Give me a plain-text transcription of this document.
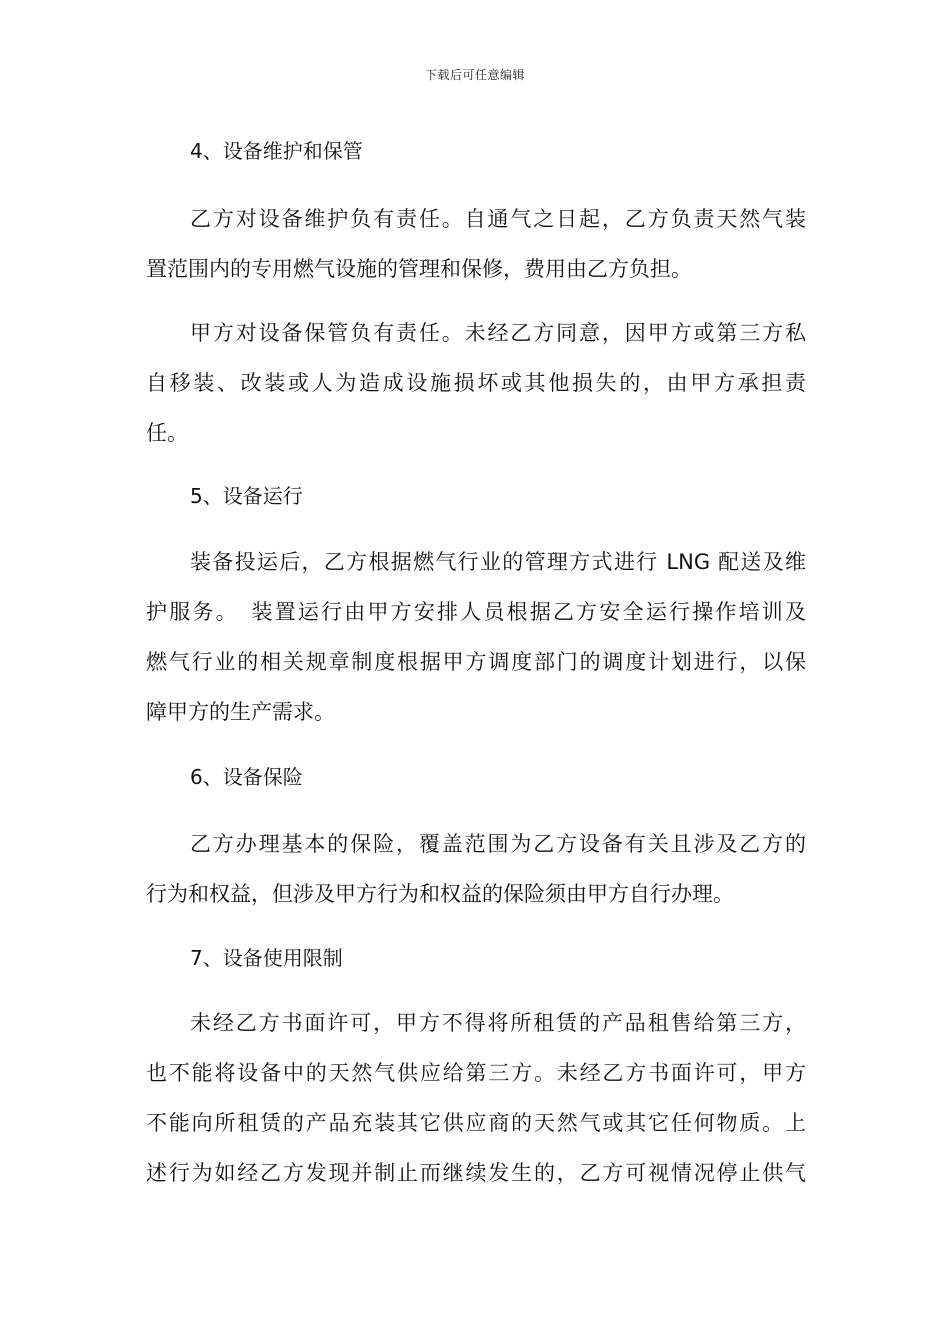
下载后可任意编辑

4、设备维护和保管

乙方对设备维护负有责任。自通气之日起，乙方负责天然气装
置范围内的专用燃气设施的管理和保修，费用由乙方负担。
甲方对设备保管负有责任。未经乙方同意，因甲方或第三方私
自移装、改装或人为造成设施损坏或其他损失的，由甲方承担责
任。

5、设备运行

装备投运后，乙方根据燃气行业的管理方式进行 LNG 配送及维
护服务。　装置运行由甲方安排人员根据乙方安全运行操作培训及
燃气行业的相关规章制度根据甲方调度部门的调度计划进行，以保
障甲方的生产需求。

6、设备保险

乙方办理基本的保险，覆盖范围为乙方设备有关且涉及乙方的
行为和权益，但涉及甲方行为和权益的保险须由甲方自行办理。

7、设备使用限制

未经乙方书面许可，甲方不得将所租赁的产品租售给第三方，
也不能将设备中的天然气供应给第三方。未经乙方书面许可，甲方
不能向所租赁的产品充装其它供应商的天然气或其它任何物质。上
述行为如经乙方发现并制止而继续发生的，乙方可视情况停止供气
